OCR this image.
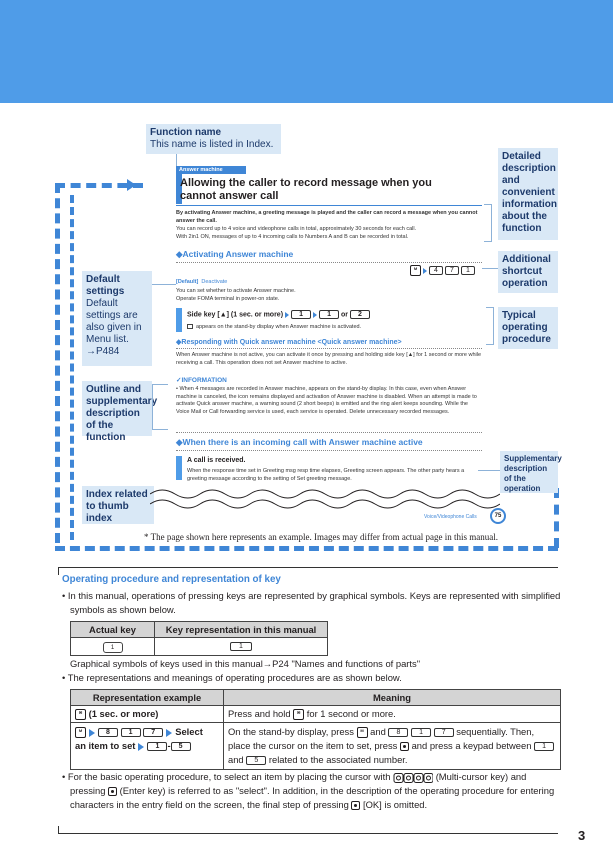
Function name
This name is listed in Index.
Detailed description and convenient information about the function
Additional shortcut operation
Typical operating procedure
Default settings
Default settings are also given in Menu list. →P484
Outline and supplementary description of the function
Index related to thumb index
Supplementary description of the operation
Answer machine
Allowing the caller to record message when you cannot answer call
By activating Answer machine, a greeting message is played and the caller can record a message when you cannot answer the call.
You can record up to 4 voice and videophone calls in total, approximately 30 seconds for each call.
With 2in1 ON, messages of up to 4 incoming calls to Numbers A and B can be recorded in total.
◆Activating Answer machine
M 4 7 1
[Default] Deactivate
You can set whether to activate Answer machine.
Operate FOMA terminal in power-on state.
Side key [▲] (1 sec. or more) 1	1 or 2
appears on the stand-by display when Answer machine is activated.
◆Responding with Quick answer machine <Quick answer machine>
When Answer machine is not active, you can activate it once by pressing and holding side key [▲] for 1 second or more while receiving a call. This operation does not set Answer machine to active.
✓INFORMATION
• When 4 messages are recorded in Answer machine, appears on the stand-by display. In this case, even when Answer machine is canceled, the icon remains displayed and activation of Answer machine is disabled. When an attempt is made to activate Quick answer machine, a warning sound (2 short beeps) is emitted and the ring alert keeps sounding. While the Voice Mail or Call forwarding service is used, each service is operated. Delete unnecessary recorded messages.
◆When there is an incoming call with Answer machine active
A call is received.
When the response time set in Greeting msg resp time elapses, Greeting screen appears. The other party hears a greeting message according to the setting of Set greeting message.
Voice/Videophone Calls	75
* The page shown here represents an example. Images may differ from actual page in this manual.
Operating procedure and representation of key
• In this manual, operations of pressing keys are represented by graphical symbols. Keys are represented with simplified symbols as shown below.
Actual key	Key representation in this manual
1	1
Graphical symbols of keys used in this manual→P24 "Names and functions of parts"
• The representations and meanings of operating procedures are as shown below.
Representation example	Meaning
✉ (1 sec. or more)	Press and hold ✉ for 1 second or more.
M 8 1 7 Select
an item to set 1 - 5	On the stand-by display, press M and 8 1 7 sequentially. Then, place the cursor on the item to set, press and press a keypad between 1 and 5 related to the associated number.
• For the basic operating procedure, to select an item by placing the cursor with	(Multi-cursor key) and pressing (Enter key) is referred to as "select". In addition, in the description of the operating procedure for entering characters in the entry field on the screen, the final step of pressing [OK] is omitted.
3
